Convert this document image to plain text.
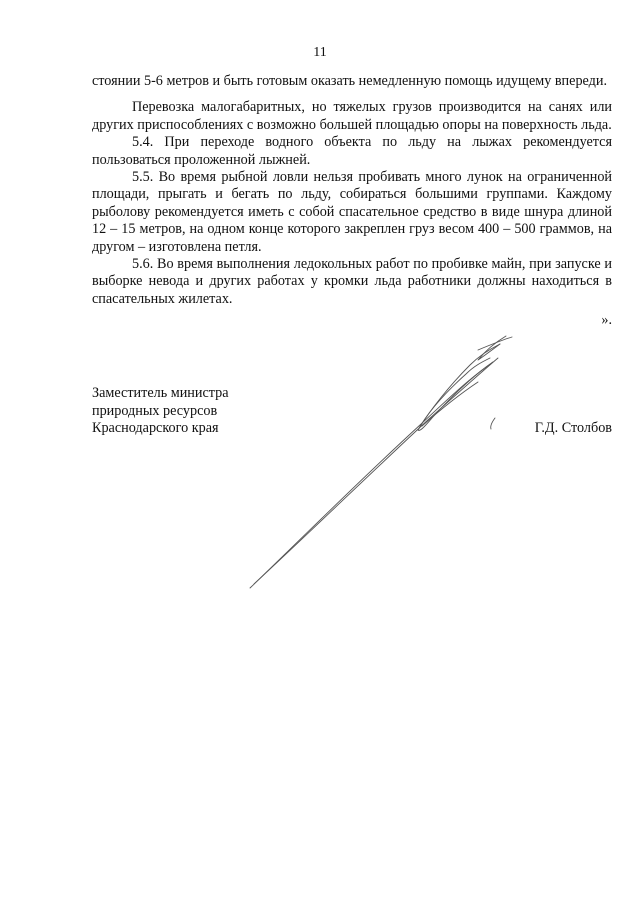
11

стоянии 5-6 метров и быть готовым оказать немедленную помощь идущему впереди.

Перевозка малогабаритных, но тяжелых грузов производится на санях или других приспособлениях с возможно большей площадью опоры на поверхность льда.

5.4. При переходе водного объекта по льду на лыжах рекомендуется пользоваться проложенной лыжней.

5.5. Во время рыбной ловли нельзя пробивать много лунок на ограниченной площади, прыгать и бегать по льду, собираться большими группами. Каждому рыболову рекомендуется иметь с собой спасательное средство в виде шнура длиной 12 – 15 метров, на одном конце которого закреплен груз весом 400 – 500 граммов, на другом – изготовлена петля.

5.6. Во время выполнения ледокольных работ по пробивке майн, при запуске и выборке невода и других работах у кромки льда работники должны находиться в спасательных жилетах.

».
Заместитель министра
природных ресурсов
Краснодарского края	Г.Д. Столбов
